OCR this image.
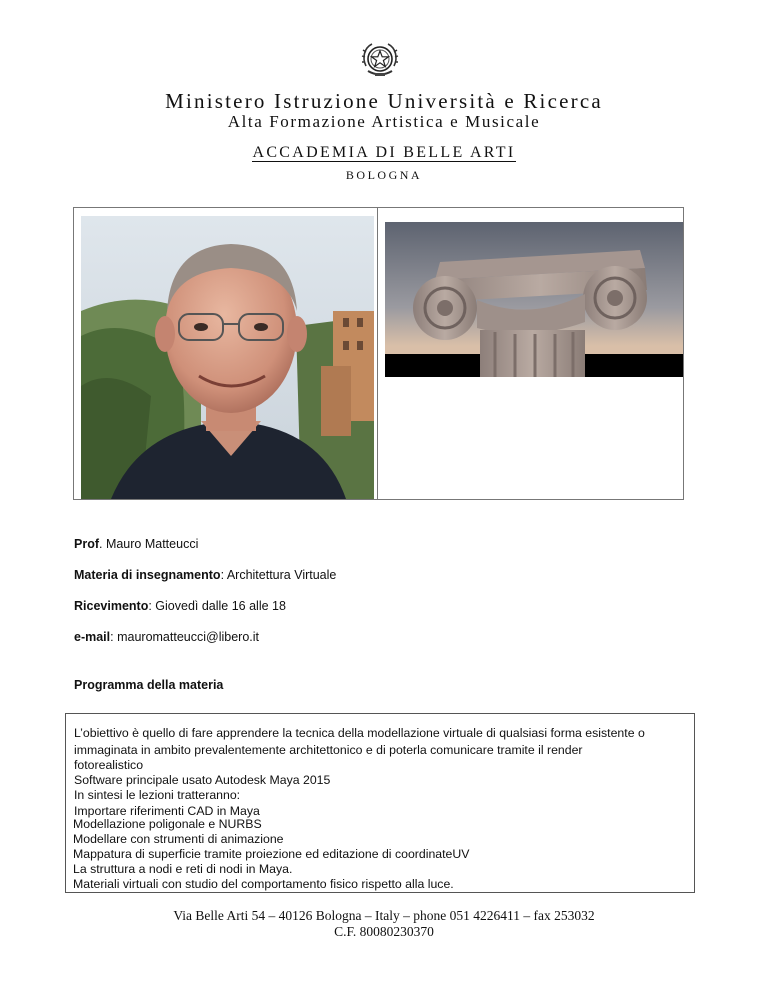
Ministero Istruzione Università e Ricerca
Alta Formazione Artistica e Musicale
ACCADEMIA DI BELLE ARTI
BOLOGNA
Prof. Mauro Matteucci
Materia di insegnamento: Architettura Virtuale
Ricevimento: Giovedì dalle 16 alle 18
e-mail: mauromatteucci@libero.it
Programma della materia
L’obiettivo è quello di fare apprendere la tecnica della modellazione virtuale di qualsiasi forma esistente o
immaginata in ambito prevalentemente architettonico e di poterla comunicare tramite il render
fotorealistico
Software principale usato Autodesk Maya 2015
In sintesi le lezioni tratteranno:
Importare riferimenti CAD in Maya
Modellazione poligonale e NURBS
Modellare con strumenti di animazione
Mappatura di superficie tramite proiezione ed editazione di coordinateUV
La struttura a nodi e reti di nodi in Maya.
Materiali virtuali con studio del comportamento fisico rispetto alla luce.
Via Belle Arti 54 – 40126 Bologna – Italy – phone 051 4226411 – fax 253032
C.F. 80080230370
